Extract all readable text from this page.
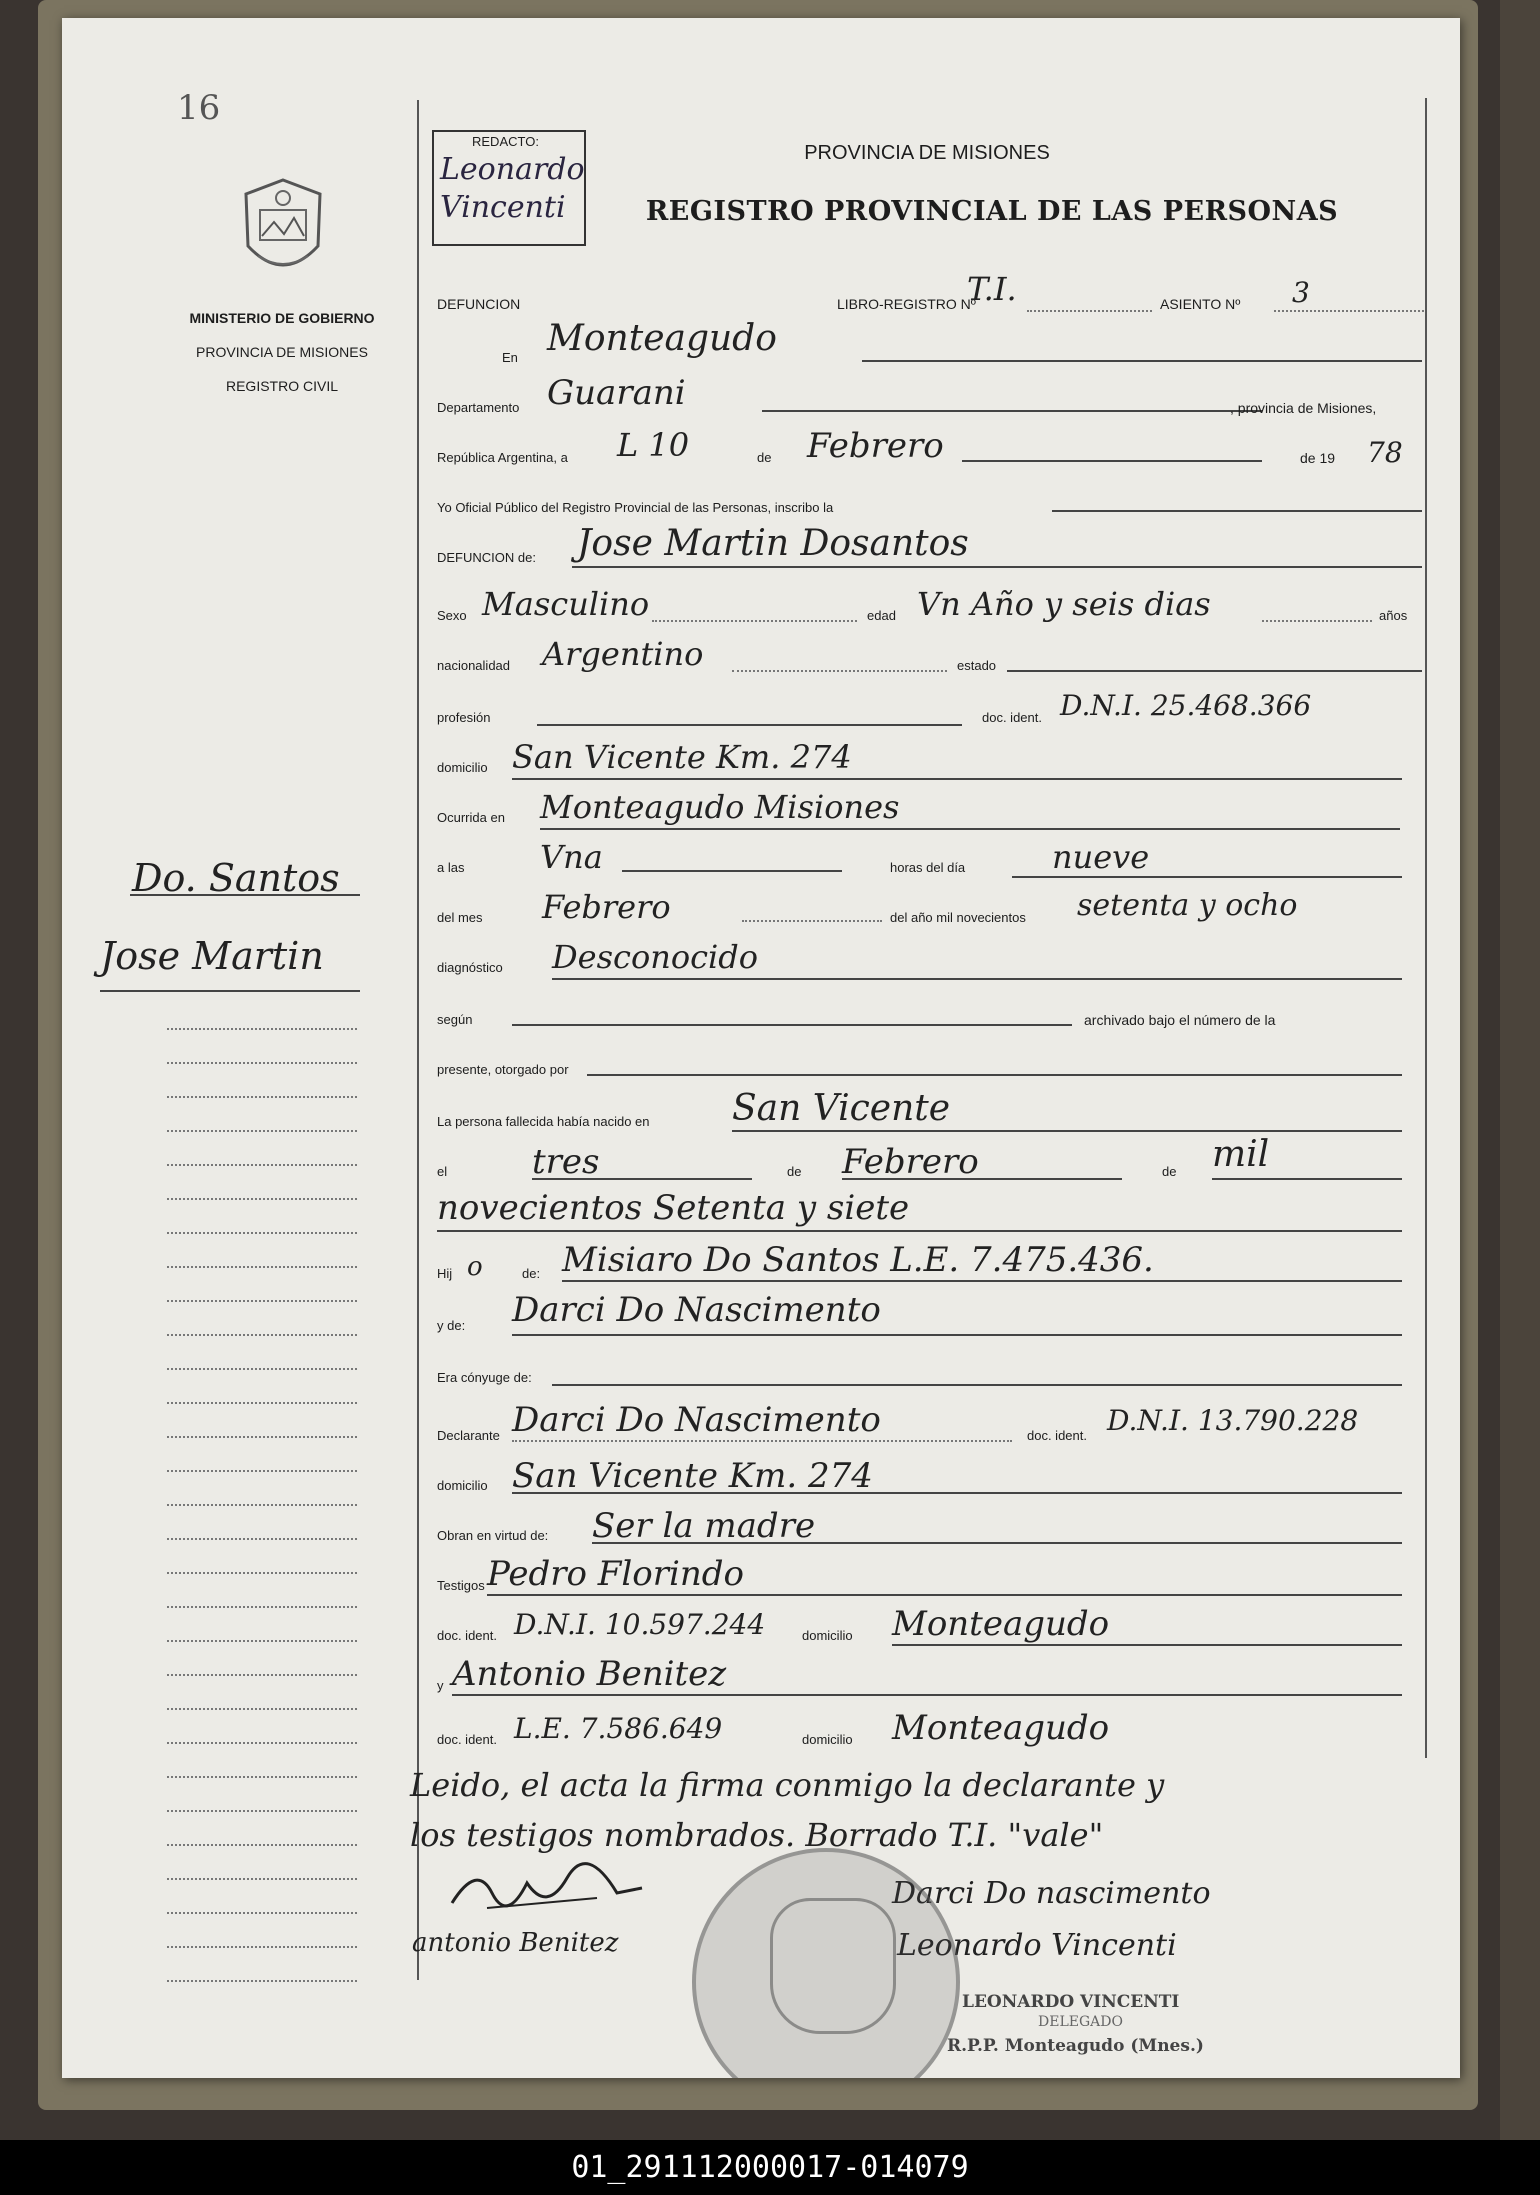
16
MINISTERIO DE GOBIERNO
PROVINCIA DE MISIONES
REGISTRO CIVIL
Do. Santos
Jose Martin
REDACTO:
Leonardo
Vincenti
PROVINCIA DE MISIONES
REGISTRO PROVINCIAL DE LAS PERSONAS
DEFUNCION	LIBRO-REGISTRO Nº
T.I.	ASIENTO Nº 3
En Monteagudo
Departamento Guarani	, provincia de Misiones,
República Argentina, a L 10	de Febrero	de 19 78
Yo Oficial Público del Registro Provincial de las Personas, inscribo la
DEFUNCION de: Jose Martin Dosantos
Sexo Masculino	edad Vn Año y seis dias	años
nacionalidad Argentino	estado
profesión	doc. ident. D.N.I. 25.468.366
domicilio San Vicente Km. 274
Ocurrida en Monteagudo Misiones
a las Vna	horas del día	nueve
del mes Febrero	del año mil novecientos setenta y ocho
diagnóstico Desconocido
según	archivado bajo el número de la
presente, otorgado por
La persona fallecida había nacido en San Vicente
el tres	de Febrero	de mil
novecientos Setenta y siete
Hij o	de: Misiaro Do Santos L.E. 7.475.436.
y de: Darci Do Nascimento
Era cónyuge de:
Declarante Darci Do Nascimento	doc. ident. D.N.I. 13.790.228
domicilio San Vicente Km. 274
Obran en virtud de: Ser la madre
Testigos Pedro Florindo
doc. ident. D.N.I. 10.597.244	domicilio Monteagudo
y Antonio Benitez
doc. ident. L.E. 7.586.649	domicilio Monteagudo
Leido, el acta la firma conmigo la declarante y
los testigos nombrados. Borrado T.I. "vale"
Darci Do nascimento
antonio Benitez	Leonardo Vincenti
LEONARDO VINCENTI
DELEGADO
R.P.P. Monteagudo (Mnes.)
01_291112000017-014079
